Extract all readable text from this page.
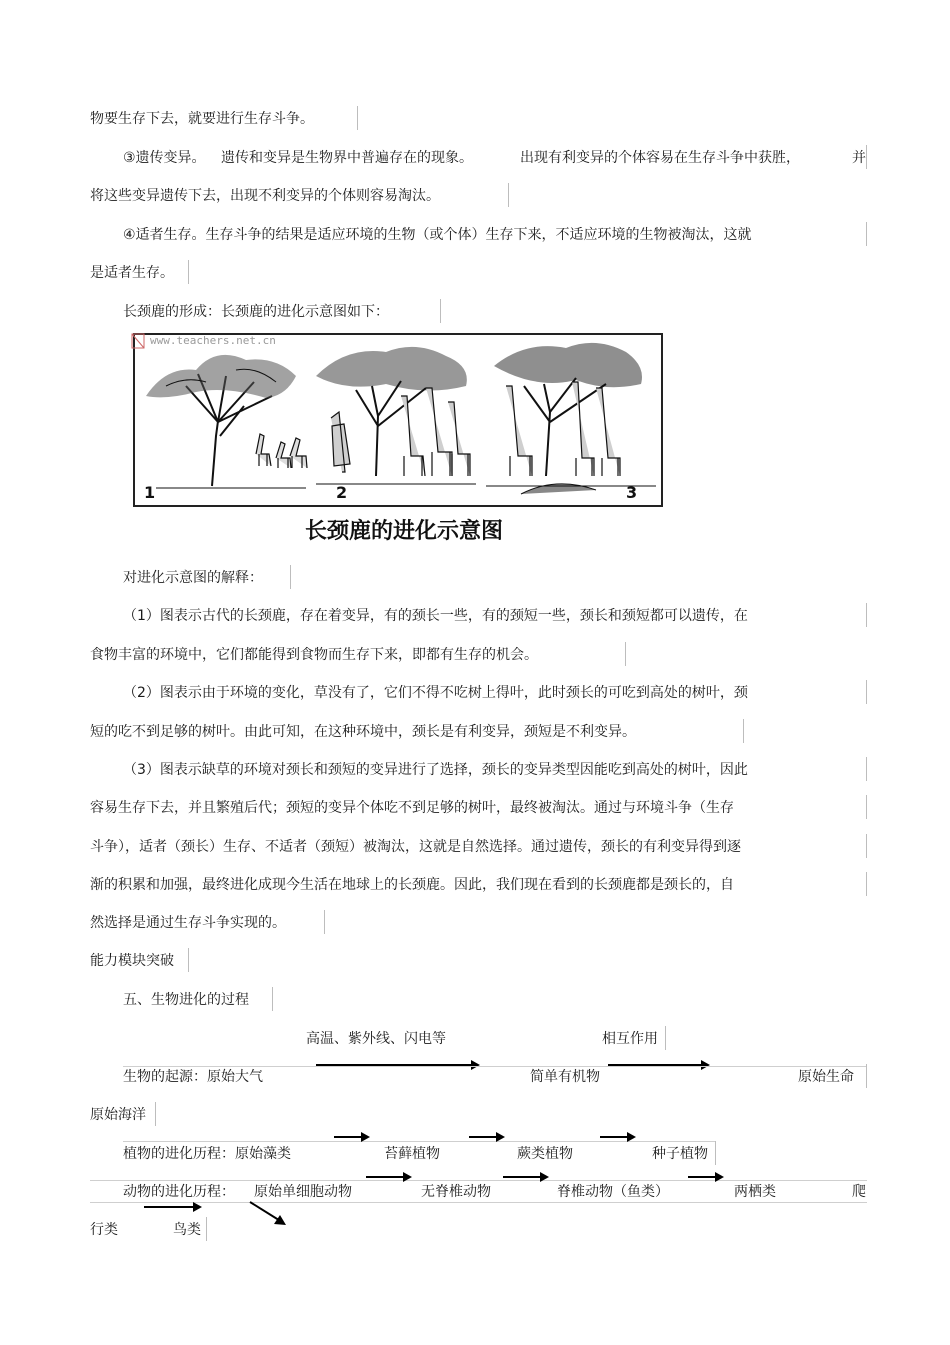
物要生存下去，就要进行生存斗争。
③遗传变异。 遗传和变异是生物界中普遍存在的现象。	出现有利变异的个体容易在生存斗争中获胜，	并
将这些变异遗传下去，出现不利变异的个体则容易淘汰。
④适者生存。生存斗争的结果是适应环境的生物（或个体）生存下来，不适应环境的生物被淘汰，这就
是适者生存。
长颈鹿的形成：长颈鹿的进化示意图如下：
www.teachers.net.cn
1	2	3
长颈鹿的进化示意图
对进化示意图的解释：
（1）图表示古代的长颈鹿，存在着变异，有的颈长一些，有的颈短一些，颈长和颈短都可以遗传，在
食物丰富的环境中，它们都能得到食物而生存下来，即都有生存的机会。
（2）图表示由于环境的变化，草没有了，它们不得不吃树上得叶，此时颈长的可吃到高处的树叶，颈
短的吃不到足够的树叶。由此可知，在这种环境中，颈长是有利变异，颈短是不利变异。
（3）图表示缺草的环境对颈长和颈短的变异进行了选择，颈长的变异类型因能吃到高处的树叶，因此
容易生存下去，并且繁殖后代；颈短的变异个体吃不到足够的树叶，最终被淘汰。通过与环境斗争（生存
斗争），适者（颈长）生存、不适者（颈短）被淘汰，这就是自然选择。通过遗传，颈长的有利变异得到逐
渐的积累和加强，最终进化成现今生活在地球上的长颈鹿。因此，我们现在看到的长颈鹿都是颈长的，自
然选择是通过生存斗争实现的。
能力模块突破
五、生物进化的过程
高温、紫外线、闪电等	相互作用
生物的起源：原始大气	简单有机物	原始生命
原始海洋
植物的进化历程：原始藻类	苔藓植物	蕨类植物	种子植物
动物的进化历程： 原始单细胞动物	无脊椎动物	脊椎动物（鱼类）	两栖类	爬
行类	鸟类
